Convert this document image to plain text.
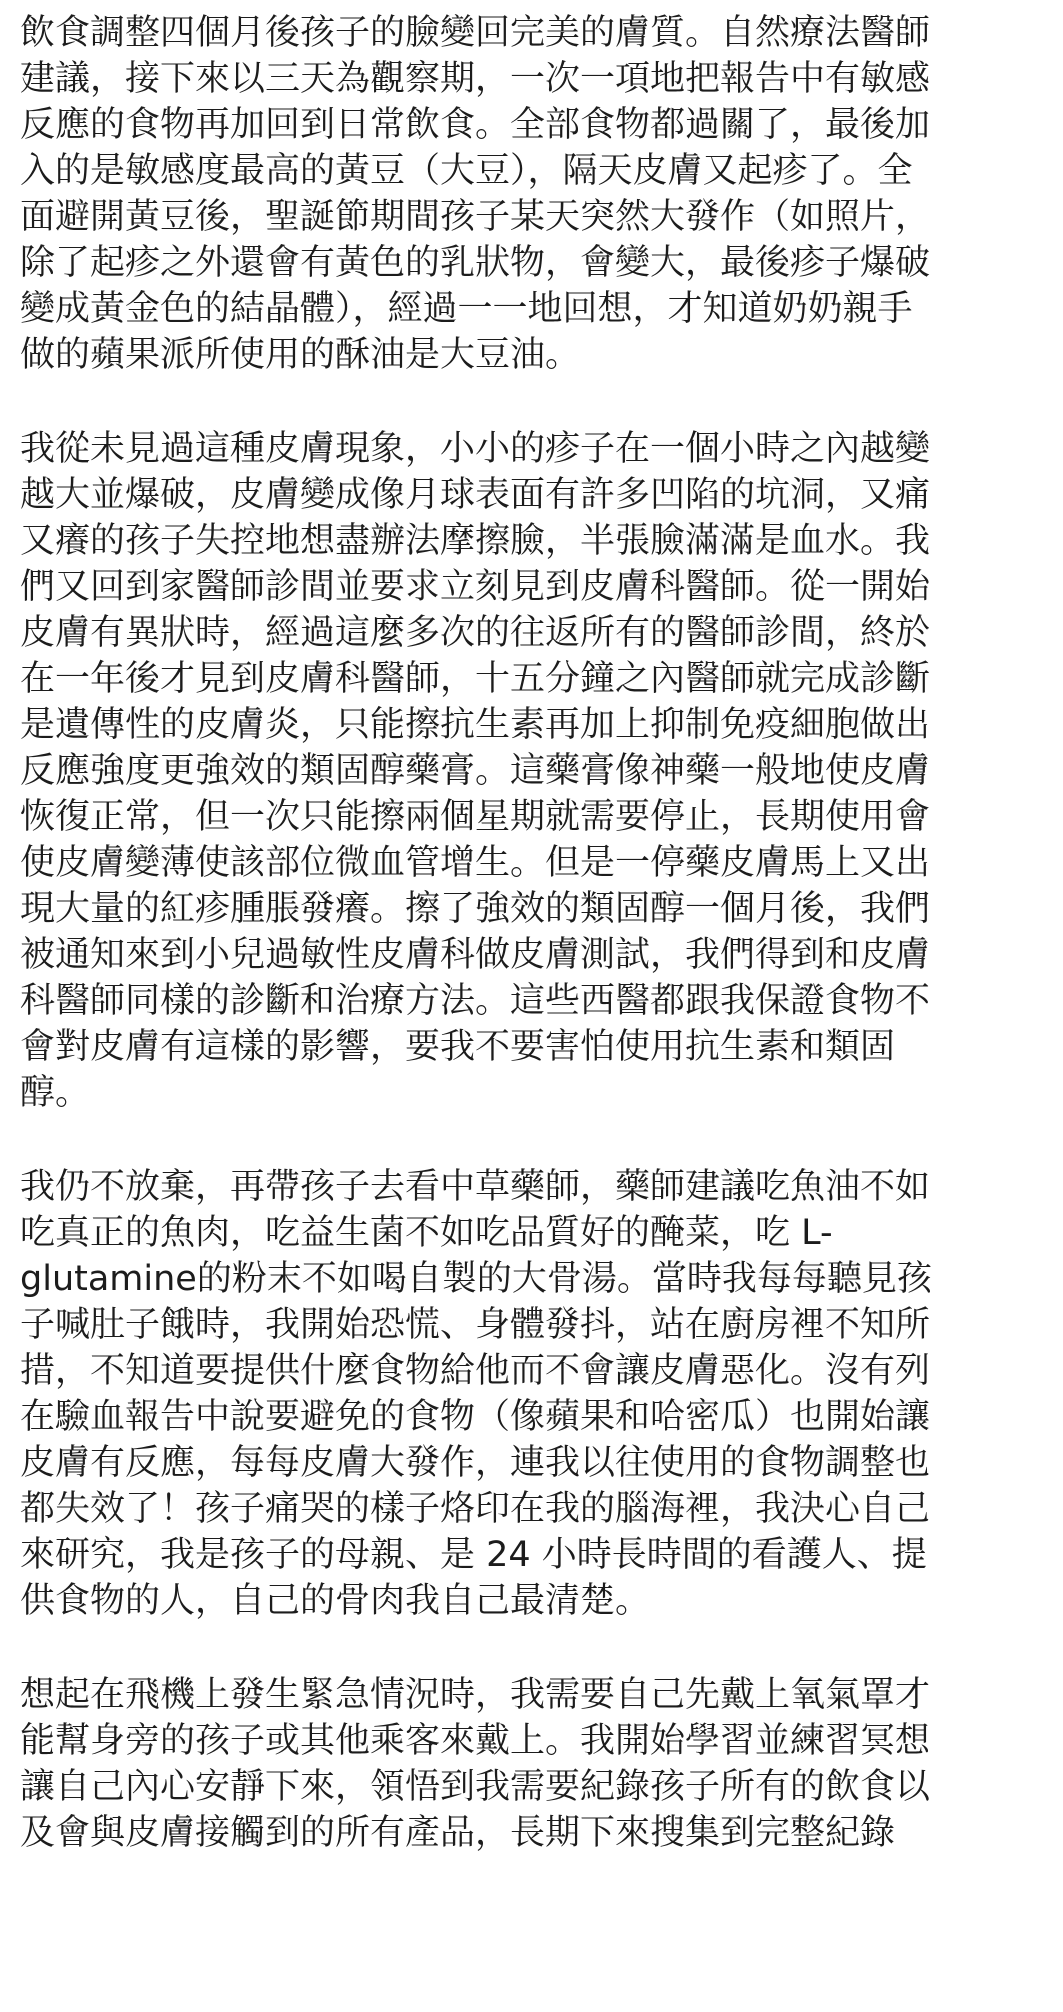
飲食調整四個月後孩子的臉變回完美的膚質。自然療法醫師
建議，接下來以三天為觀察期，一次一項地把報告中有敏感
反應的食物再加回到日常飲食。全部食物都過關了，最後加
入的是敏感度最高的黃豆（大豆），隔天皮膚又起疹了。全
面避開黃豆後，聖誕節期間孩子某天突然大發作（如照片，
除了起疹之外還會有黃色的乳狀物，會變大，最後疹子爆破
變成黃金色的結晶體），經過一一地回想，才知道奶奶親手
做的蘋果派所使用的酥油是大豆油。
我從未見過這種皮膚現象，小小的疹子在一個小時之內越變
越大並爆破，皮膚變成像月球表面有許多凹陷的坑洞，又痛
又癢的孩子失控地想盡辦法摩擦臉，半張臉滿滿是血水。我
們又回到家醫師診間並要求立刻見到皮膚科醫師。從一開始
皮膚有異狀時，經過這麼多次的往返所有的醫師診間，終於
在一年後才見到皮膚科醫師，十五分鐘之內醫師就完成診斷
是遺傳性的皮膚炎，只能擦抗生素再加上抑制免疫細胞做出
反應強度更強效的類固醇藥膏。這藥膏像神藥一般地使皮膚
恢復正常，但一次只能擦兩個星期就需要停止，長期使用會
使皮膚變薄使該部位微血管增生。但是一停藥皮膚馬上又出
現大量的紅疹腫脹發癢。擦了強效的類固醇一個月後，我們
被通知來到小兒過敏性皮膚科做皮膚測試，我們得到和皮膚
科醫師同樣的診斷和治療方法。這些西醫都跟我保證食物不
會對皮膚有這樣的影響，要我不要害怕使用抗生素和類固
醇。
我仍不放棄，再帶孩子去看中草藥師，藥師建議吃魚油不如
吃真正的魚肉，吃益生菌不如吃品質好的醃菜，吃 L-
glutamine的粉末不如喝自製的大骨湯。當時我每每聽見孩
子喊肚子餓時，我開始恐慌、身體發抖，站在廚房裡不知所
措，不知道要提供什麼食物給他而不會讓皮膚惡化。沒有列
在驗血報告中說要避免的食物（像蘋果和哈密瓜）也開始讓
皮膚有反應，每每皮膚大發作，連我以往使用的食物調整也
都失效了！孩子痛哭的樣子烙印在我的腦海裡，我決心自己
來研究，我是孩子的母親、是 24 小時長時間的看護人、提
供食物的人，自己的骨肉我自己最清楚。
想起在飛機上發生緊急情況時，我需要自己先戴上氧氣罩才
能幫身旁的孩子或其他乘客來戴上。我開始學習並練習冥想
讓自己內心安靜下來，領悟到我需要紀錄孩子所有的飲食以
及會與皮膚接觸到的所有產品，長期下來搜集到完整紀錄
